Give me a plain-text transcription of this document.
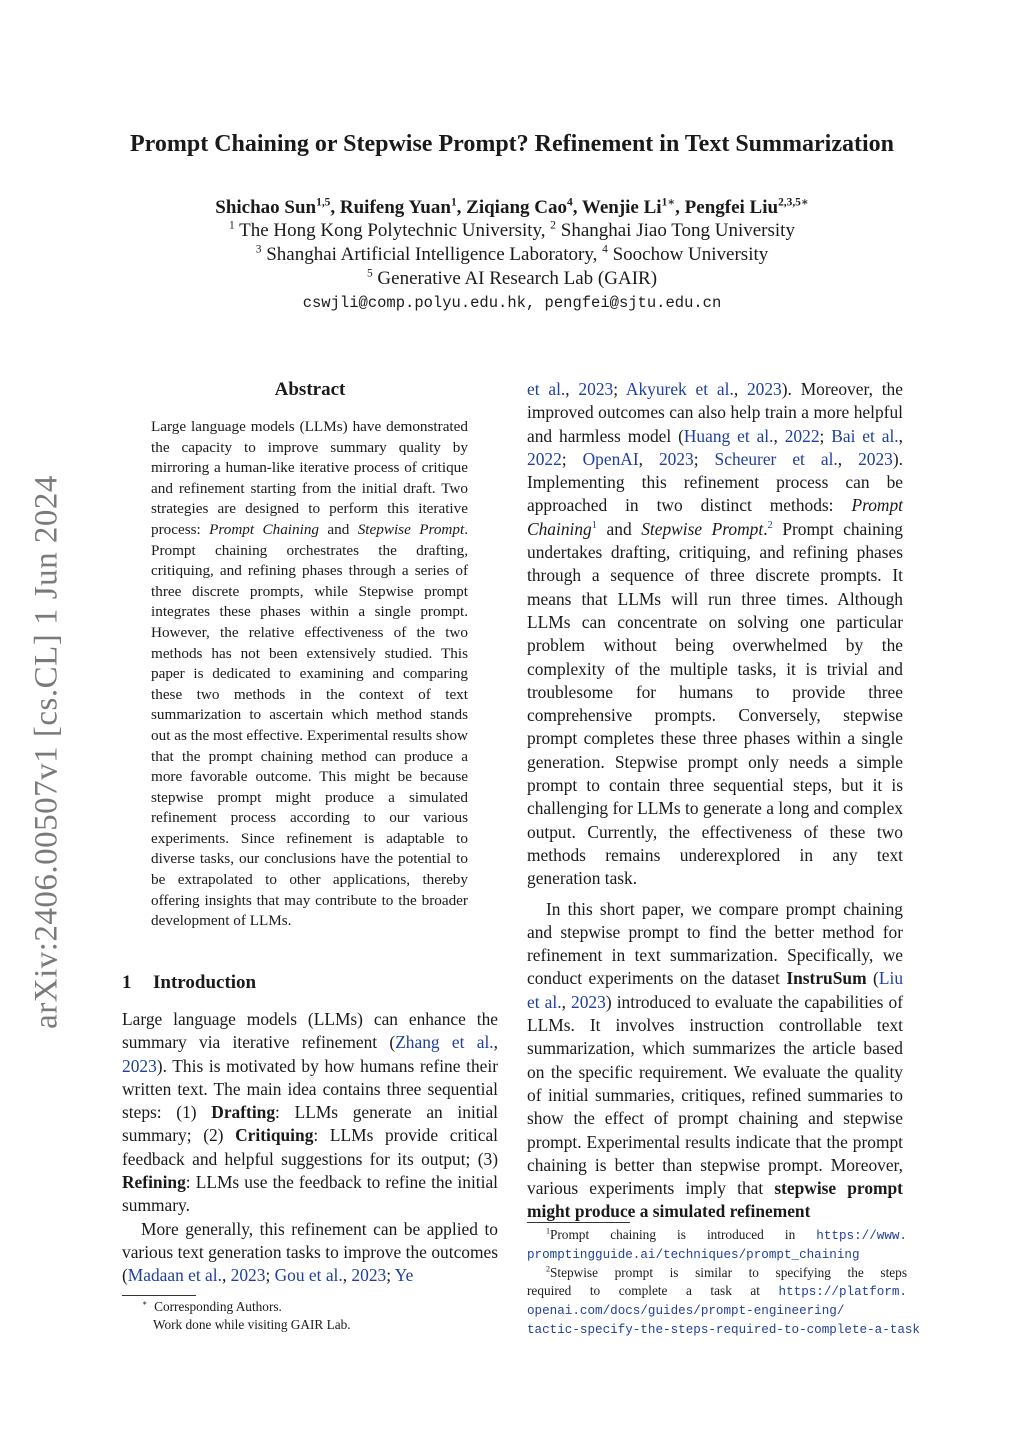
arXiv:2406.00507v1 [cs.CL] 1 Jun 2024
Prompt Chaining or Stepwise Prompt? Refinement in Text Summarization
Shichao Sun$^{1,5}$, Ruifeng Yuan$^1$, Ziqiang Cao$^4$, Wenjie $Li^{1∗}$, Pengfei Liu$^{2,3,5∗}$
$^1$ The Hong Kong Polytechnic University, $^2$ Shanghai Jiao Tong University
$^3$ Shanghai Artificial Intelligence Laboratory, $^4$ Soochow University
$^5$ Generative AI Research Lab (GAIR)
cswjli@comp.polyu.edu.hk, pengfei@sjtu.edu.cn
Abstract
Large language models (LLMs) have demonstrated the capacity to improve summary quality by mirroring a human-like iterative process of critique and refinement starting from the initial draft. Two strategies are designed to perform this iterative process: Prompt Chaining and Stepwise Prompt. Prompt chaining orchestrates the drafting, critiquing, and refining phases through a series of three discrete prompts, while Stepwise prompt integrates these phases within a single prompt. However, the relative effectiveness of the two methods has not been extensively studied. This paper is dedicated to examining and comparing these two methods in the context of text summarization to ascertain which method stands out as the most effective. Experimental results show that the prompt chaining method can produce a more favorable outcome. This might be because stepwise prompt might produce a simulated refinement process according to our various experiments. Since refinement is adaptable to diverse tasks, our conclusions have the potential to be extrapolated to other applications, thereby offering insights that may contribute to the broader development of LLMs.
1 Introduction

Large language models (LLMs) can enhance the summary via iterative refinement (Zhang et al., 2023). This is motivated by how humans refine their written text. The main idea contains three sequential steps: (1) Drafting: LLMs generate an initial summary; (2) Critiquing: LLMs provide critical feedback and helpful suggestions for its output; (3) Refining: LLMs use the feedback to refine the initial summary.

More generally, this refinement can be applied to various text generation tasks to improve the outcomes (Madaan et al., 2023; Gou et al., 2023; Ye

∗ Corresponding Authors.
Work done while visiting GAIR Lab.

et al., 2023; Akyurek et al., 2023). Moreover, the improved outcomes can also help train a more helpful and harmless model (Huang et al., 2022; Bai et al., 2022; OpenAI, 2023; Scheurer et al., 2023). Implementing this refinement process can be approached in two distinct methods: Prompt Chaining$^1$ and Stepwise Prompt.$^2$ Prompt chaining undertakes drafting, critiquing, and refining phases through a sequence of three discrete prompts. It means that LLMs will run three times. Although LLMs can concentrate on solving one particular problem without being overwhelmed by the complexity of the multiple tasks, it is trivial and troublesome for humans to provide three comprehensive prompts. Conversely, stepwise prompt completes these three phases within a single generation. Stepwise prompt only needs a simple prompt to contain three sequential steps, but it is challenging for LLMs to generate a long and complex output. Currently, the effectiveness of these two methods remains underexplored in any text generation task.

In this short paper, we compare prompt chaining and stepwise prompt to find the better method for refinement in text summarization. Specifically, we conduct experiments on the dataset InstruSum (Liu et al., 2023) introduced to evaluate the capabilities of LLMs. It involves instruction controllable text summarization, which summarizes the article based on the specific requirement. We evaluate the quality of initial summaries, critiques, refined summaries to show the effect of prompt chaining and stepwise prompt. Experimental results indicate that the prompt chaining is better than stepwise prompt. Moreover, various experiments imply that stepwise prompt might produce a simulated refinement

$^1$Prompt   chaining   is   introduced   in   https://www.
promptingguide.ai/techniques/prompt_chaining
$^2$Stepwise  prompt  is  similar  to  specifying  the  steps
required   to   complete   a   task   at   https://platform.
openai.com/docs/guides/prompt-engineering/
tactic-specify-the-steps-required-to-complete-a-task
